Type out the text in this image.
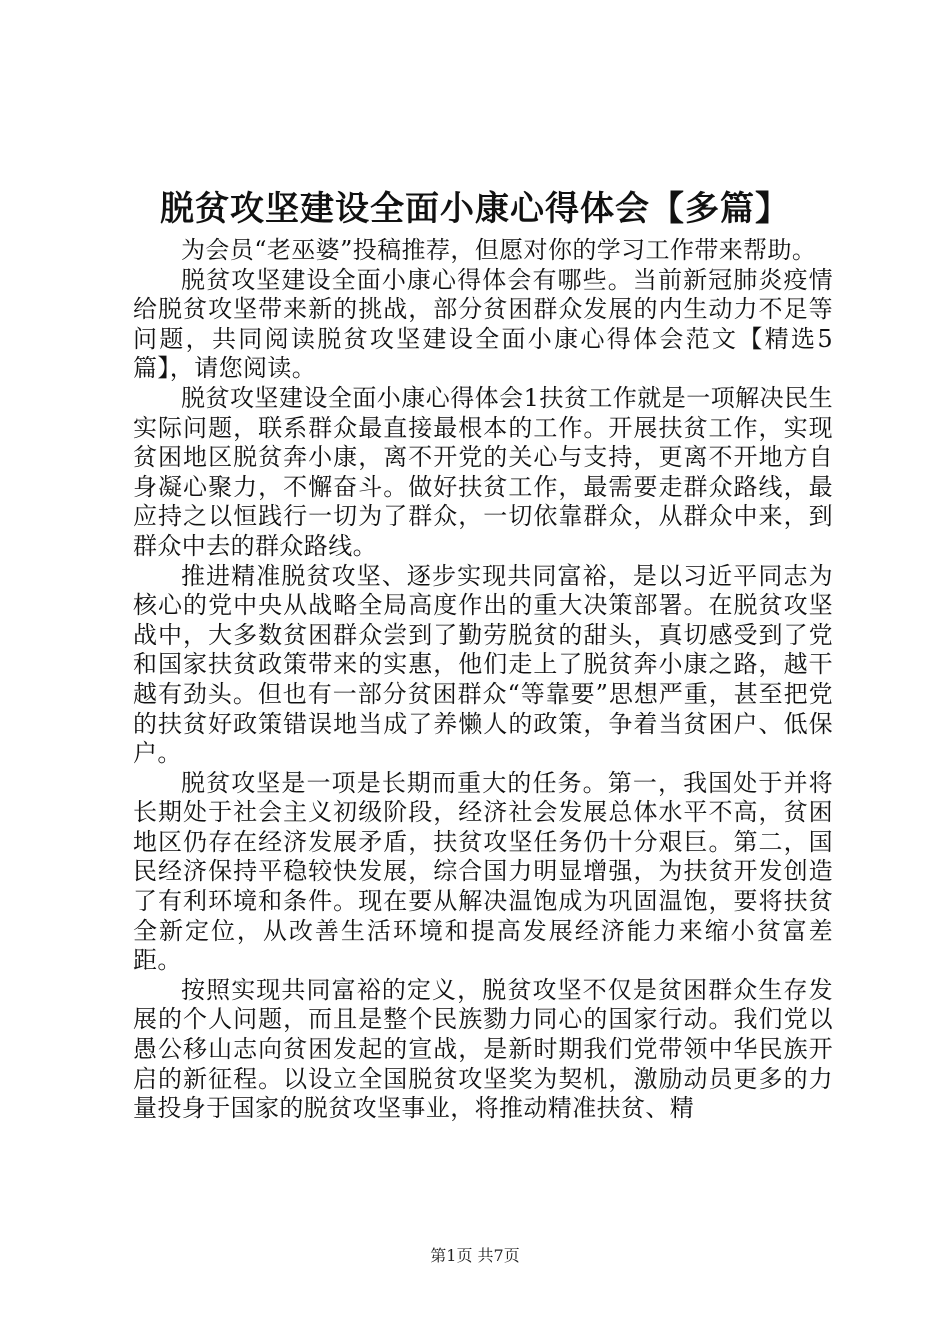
脱贫攻坚建设全面小康心得体会【多篇】

为会员“老巫婆”投稿推荐，但愿对你的学习工作带来帮助。

脱贫攻坚建设全面小康心得体会有哪些。当前新冠肺炎疫情给脱贫攻坚带来新的挑战，部分贫困群众发展的内生动力不足等问题，共同阅读脱贫攻坚建设全面小康心得体会范文【精选5篇】，请您阅读。

脱贫攻坚建设全面小康心得体会1扶贫工作就是一项解决民生实际问题，联系群众最直接最根本的工作。开展扶贫工作，实现贫困地区脱贫奔小康，离不开党的关心与支持，更离不开地方自身凝心聚力，不懈奋斗。做好扶贫工作，最需要走群众路线，最应持之以恒践行一切为了群众，一切依靠群众，从群众中来，到群众中去的群众路线。

推进精准脱贫攻坚、逐步实现共同富裕，是以习近平同志为核心的党中央从战略全局高度作出的重大决策部署。在脱贫攻坚战中，大多数贫困群众尝到了勤劳脱贫的甜头，真切感受到了党和国家扶贫政策带来的实惠，他们走上了脱贫奔小康之路，越干越有劲头。但也有一部分贫困群众“等靠要”思想严重，甚至把党的扶贫好政策错误地当成了养懒人的政策，争着当贫困户、低保户。

脱贫攻坚是一项是长期而重大的任务。第一，我国处于并将长期处于社会主义初级阶段，经济社会发展总体水平不高，贫困地区仍存在经济发展矛盾，扶贫攻坚任务仍十分艰巨。第二，国民经济保持平稳较快发展，综合国力明显增强，为扶贫开发创造了有利环境和条件。现在要从解决温饱成为巩固温饱，要将扶贫全新定位，从改善生活环境和提高发展经济能力来缩小贫富差距。

按照实现共同富裕的定义，脱贫攻坚不仅是贫困群众生存发展的个人问题，而且是整个民族勠力同心的国家行动。我们党以愚公移山志向贫困发起的宣战，是新时期我们党带领中华民族开启的新征程。以设立全国脱贫攻坚奖为契机，激励动员更多的力量投身于国家的脱贫攻坚事业，将推动精准扶贫、精

第1页 共7页
